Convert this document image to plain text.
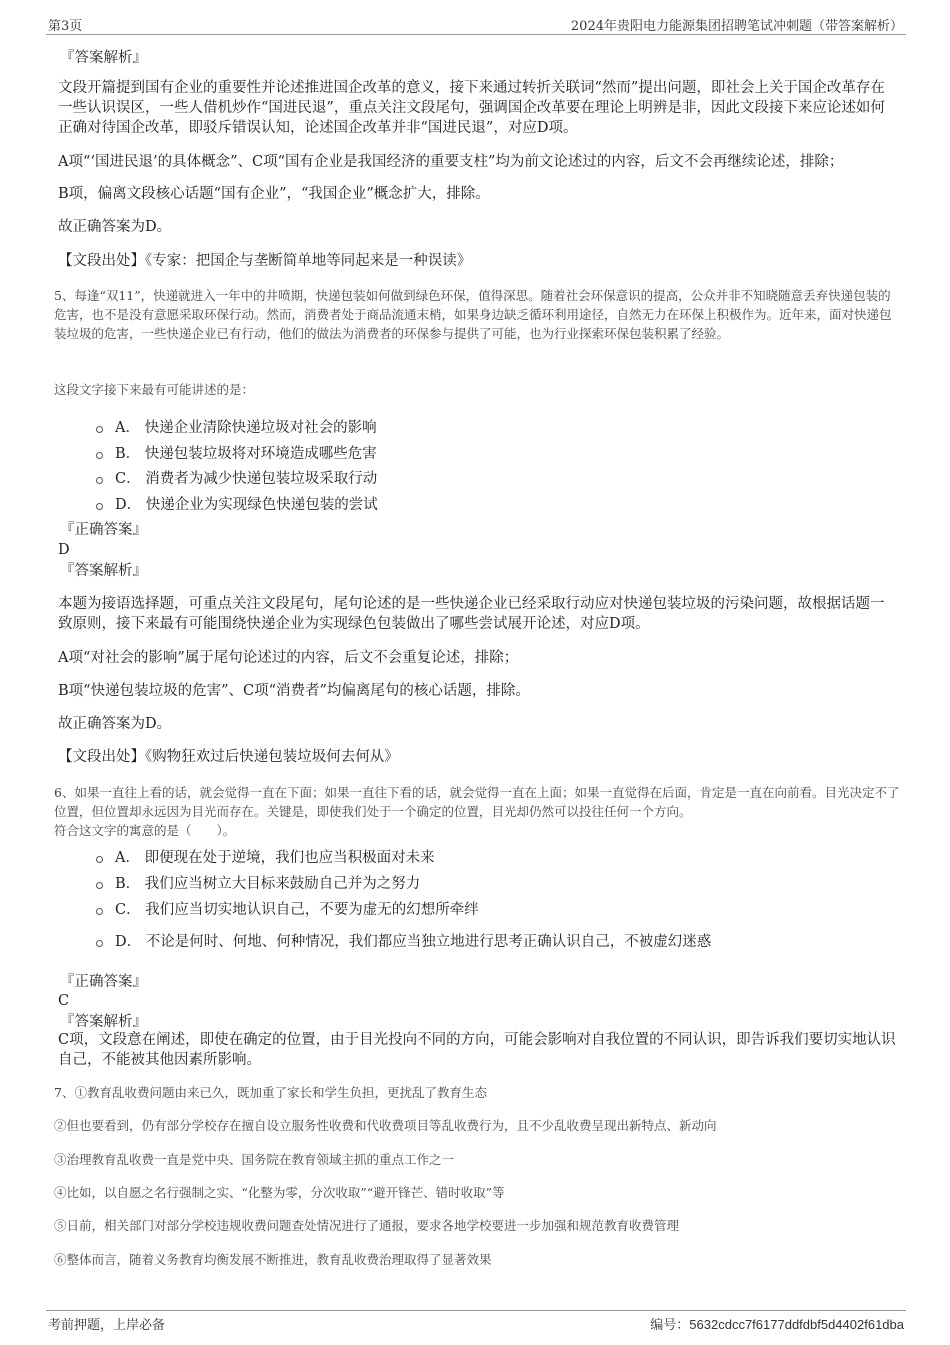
第3页	2024年贵阳电力能源集团招聘笔试冲刺题（带答案解析）
『答案解析』
文段开篇提到国有企业的重要性并论述推进国企改革的意义，接下来通过转折关联词“然而”提出问题，即社会上关于国企改革存在一些认识误区，一些人借机炒作“国进民退”，重点关注文段尾句，强调国企改革要在理论上明辨是非，因此文段接下来应论述如何正确对待国企改革，即驳斥错误认知，论述国企改革并非“国进民退”，对应D项。
A项“‘国进民退’的具体概念”、C项“国有企业是我国经济的重要支柱”均为前文论述过的内容，后文不会再继续论述，排除；
B项，偏离文段核心话题“国有企业”，“我国企业”概念扩大，排除。
故正确答案为D。
【文段出处】《专家：把国企与垄断简单地等同起来是一种误读》
5、每逢“双11”，快递就进入一年中的井喷期，快递包装如何做到绿色环保，值得深思。随着社会环保意识的提高，公众并非不知晓随意丢弃快递包装的危害，也不是没有意愿采取环保行动。然而，消费者处于商品流通末梢，如果身边缺乏循环利用途径，自然无力在环保上积极作为。近年来，面对快递包装垃圾的危害，一些快递企业已有行动，他们的做法为消费者的环保参与提供了可能，也为行业探索环保包装积累了经验。
这段文字接下来最有可能讲述的是：
A． 快递企业清除快递垃圾对社会的影响
B． 快递包装垃圾将对环境造成哪些危害
C． 消费者为减少快递包装垃圾采取行动
D． 快递企业为实现绿色快递包装的尝试
『正确答案』
D
『答案解析』
本题为接语选择题，可重点关注文段尾句，尾句论述的是一些快递企业已经采取行动应对快递包装垃圾的污染问题，故根据话题一致原则，接下来最有可能围绕快递企业为实现绿色包装做出了哪些尝试展开论述，对应D项。
A项“对社会的影响”属于尾句论述过的内容，后文不会重复论述，排除；
B项“快递包装垃圾的危害”、C项“消费者”均偏离尾句的核心话题，排除。
故正确答案为D。
【文段出处】《购物狂欢过后快递包装垃圾何去何从》
6、如果一直往上看的话，就会觉得一直在下面；如果一直往下看的话，就会觉得一直在上面；如果一直觉得在后面，肯定是一直在向前看。目光决定不了位置，但位置却永远因为目光而存在。关键是，即使我们处于一个确定的位置，目光却仍然可以投往任何一个方向。
符合这文字的寓意的是（　　）。
A． 即便现在处于逆境，我们也应当积极面对未来
B． 我们应当树立大目标来鼓励自己并为之努力
C． 我们应当切实地认识自己，不要为虚无的幻想所牵绊
D． 不论是何时、何地、何种情况，我们都应当独立地进行思考正确认识自己，不被虚幻迷惑
『正确答案』
C
『答案解析』
C项，文段意在阐述，即使在确定的位置，由于目光投向不同的方向，可能会影响对自我位置的不同认识，即告诉我们要切实地认识自己，不能被其他因素所影响。
7、①教育乱收费问题由来已久，既加重了家长和学生负担，更扰乱了教育生态
②但也要看到，仍有部分学校存在擅自设立服务性收费和代收费项目等乱收费行为，且不少乱收费呈现出新特点、新动向
③治理教育乱收费一直是党中央、国务院在教育领域主抓的重点工作之一
④比如，以自愿之名行强制之实、“化整为零，分次收取”“避开锋芒、错时收取”等
⑤日前，相关部门对部分学校违规收费问题查处情况进行了通报，要求各地学校要进一步加强和规范教育收费管理
⑥整体而言，随着义务教育均衡发展不断推进，教育乱收费治理取得了显著效果
考前押题，上岸必备	编号：5632cdcc7f6177ddfdbf5d4402f61dba
